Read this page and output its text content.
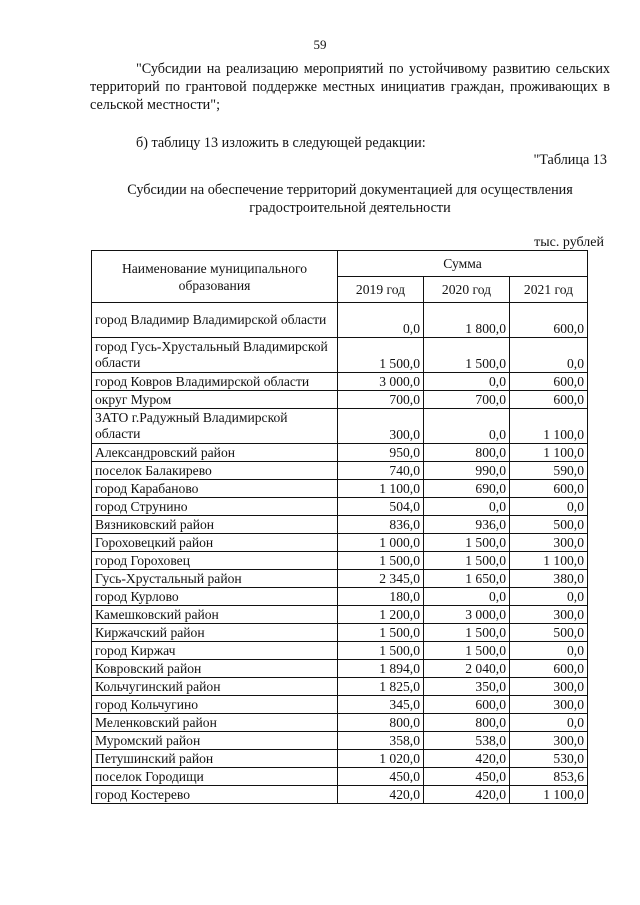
59
"Субсидии на реализацию мероприятий по устойчивому развитию сельских территорий по грантовой поддержке местных инициатив граждан, проживающих в сельской местности";
б) таблицу 13 изложить в следующей редакции:
"Таблица 13
Субсидии на обеспечение территорий документацией для осуществления градостроительной деятельности
тыс. рублей
Наименование муниципального образования	Сумма		
	2019 год	2020 год	2021 год
город Владимир Владимирской области	0,0	1 800,0	600,0
город Гусь-Хрустальный Владимирской области	1 500,0	1 500,0	0,0
город Ковров Владимирской области	3 000,0	0,0	600,0
округ Муром	700,0	700,0	600,0
ЗАТО г.Радужный Владимирской области	300,0	0,0	1 100,0
Александровский район	950,0	800,0	1 100,0
поселок Балакирево	740,0	990,0	590,0
город Карабаново	1 100,0	690,0	600,0
город Струнино	504,0	0,0	0,0
Вязниковский район	836,0	936,0	500,0
Гороховецкий район	1 000,0	1 500,0	300,0
город Гороховец	1 500,0	1 500,0	1 100,0
Гусь-Хрустальный район	2 345,0	1 650,0	380,0
город Курлово	180,0	0,0	0,0
Камешковский район	1 200,0	3 000,0	300,0
Киржачский район	1 500,0	1 500,0	500,0
город Киржач	1 500,0	1 500,0	0,0
Ковровский район	1 894,0	2 040,0	600,0
Кольчугинский район	1 825,0	350,0	300,0
город Кольчугино	345,0	600,0	300,0
Меленковский район	800,0	800,0	0,0
Муромский район	358,0	538,0	300,0
Петушинский район	1 020,0	420,0	530,0
поселок Городищи	450,0	450,0	853,6
город Костерево	420,0	420,0	1 100,0
